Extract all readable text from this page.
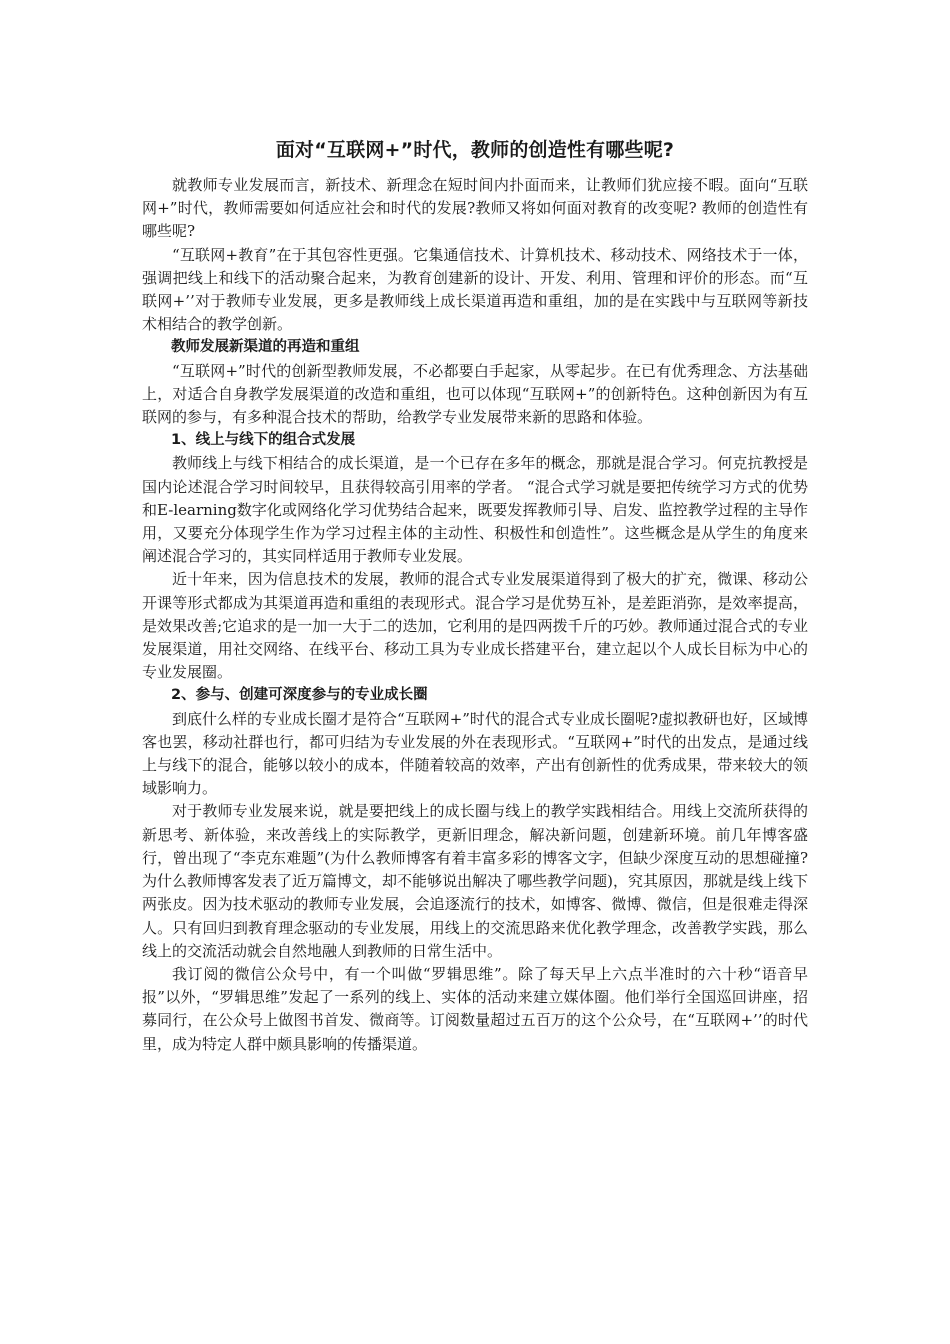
面对“互联网+”时代，教师的创造性有哪些呢?

就教师专业发展而言，新技术、新理念在短时间内扑面而来，让教师们犹应接不暇。面向“互联网+”时代，教师需要如何适应社会和时代的发展?教师又将如何面对教育的改变呢? 教师的创造性有哪些呢?

“互联网+教育”在于其包容性更强。它集通信技术、计算机技术、移动技术、网络技术于一体，强调把线上和线下的活动聚合起来，为教育创建新的设计、开发、利用、管理和评价的形态。而“互联网+’’对于教师专业发展，更多是教师线上成长渠道再造和重组，加的是在实践中与互联网等新技术相结合的教学创新。

教师发展新渠道的再造和重组

“互联网+”时代的创新型教师发展，不必都要白手起家，从零起步。在已有优秀理念、方法基础上，对适合自身教学发展渠道的改造和重组，也可以体现“互联网+”的创新特色。这种创新因为有互联网的参与，有多种混合技术的帮助，给教学专业发展带来新的思路和体验。

1、线上与线下的组合式发展

教师线上与线下相结合的成长渠道，是一个已存在多年的概念，那就是混合学习。何克抗教授是国内论述混合学习时间较早，且获得较高引用率的学者。 “混合式学习就是要把传统学习方式的优势和E-learning数字化或网络化学习优势结合起来，既要发挥教师引导、启发、监控教学过程的主导作用，又要充分体现学生作为学习过程主体的主动性、积极性和创造性”。这些概念是从学生的角度来阐述混合学习的，其实同样适用于教师专业发展。

近十年来，因为信息技术的发展，教师的混合式专业发展渠道得到了极大的扩充，微课、移动公开课等形式都成为其渠道再造和重组的表现形式。混合学习是优势互补，是差距消弥，是效率提高，是效果改善;它追求的是一加一大于二的迭加，它利用的是四两拨千斤的巧妙。教师通过混合式的专业发展渠道，用社交网络、在线平台、移动工具为专业成长搭建平台，建立起以个人成长目标为中心的专业发展圈。

2、参与、创建可深度参与的专业成长圈

到底什么样的专业成长圈才是符合“互联网+”时代的混合式专业成长圈呢?虚拟教研也好，区域博客也罢，移动社群也行，都可归结为专业发展的外在表现形式。“互联网+”时代的出发点，是通过线上与线下的混合，能够以较小的成本，伴随着较高的效率，产出有创新性的优秀成果，带来较大的领域影响力。

对于教师专业发展来说，就是要把线上的成长圈与线上的教学实践相结合。用线上交流所获得的新思考、新体验，来改善线上的实际教学，更新旧理念，解决新问题，创建新环境。前几年博客盛行，曾出现了“李克东难题”(为什么教师博客有着丰富多彩的博客文字，但缺少深度互动的思想碰撞?为什么教师博客发表了近万篇博文，却不能够说出解决了哪些教学问题)，究其原因，那就是线上线下两张皮。因为技术驱动的教师专业发展，会追逐流行的技术，如博客、微博、微信，但是很难走得深人。只有回归到教育理念驱动的专业发展，用线上的交流思路来优化教学理念，改善教学实践，那么线上的交流活动就会自然地融人到教师的日常生活中。

我订阅的微信公众号中，有一个叫做“罗辑思维”。除了每天早上六点半准时的六十秒“语音早报”以外，“罗辑思维”发起了一系列的线上、实体的活动来建立媒体圈。他们举行全国巡回讲座，招募同行，在公众号上做图书首发、微商等。订阅数量超过五百万的这个公众号，在“互联网+’’的时代里，成为特定人群中颇具影响的传播渠道。
